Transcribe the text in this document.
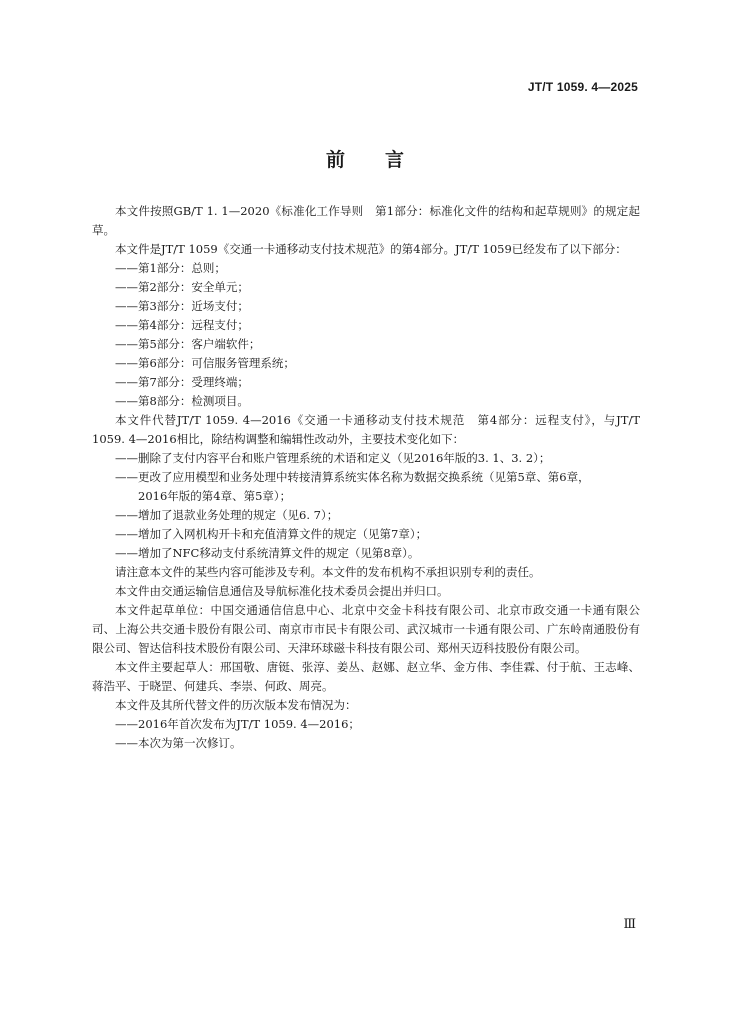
JT/T 1059. 4—2025
前 言

本文件按照GB/T 1. 1—2020《标准化工作导则　第1部分：标准化文件的结构和起草规则》的规定起草。

本文件是JT/T 1059《交通一卡通移动支付技术规范》的第4部分。JT/T 1059已经发布了以下部分：

——第1部分：总则；
——第2部分：安全单元；
——第3部分：近场支付；
——第4部分：远程支付；
——第5部分：客户端软件；
——第6部分：可信服务管理系统；
——第7部分：受理终端；
——第8部分：检测项目。

本文件代替JT/T 1059. 4—2016《交通一卡通移动支付技术规范　第4部分：远程支付》，与JT/T 1059. 4—2016相比，除结构调整和编辑性改动外，主要技术变化如下：

——删除了支付内容平台和账户管理系统的术语和定义（见2016年版的3. 1、3. 2）；
——更改了应用模型和业务处理中转接清算系统实体名称为数据交换系统（见第5章、第6章，
2016年版的第4章、第5章）；
——增加了退款业务处理的规定（见6. 7）；
——增加了入网机构开卡和充值清算文件的规定（见第7章）；
——增加了NFC移动支付系统清算文件的规定（见第8章）。

请注意本文件的某些内容可能涉及专利。本文件的发布机构不承担识别专利的责任。

本文件由交通运输信息通信及导航标准化技术委员会提出并归口。

本文件起草单位：中国交通通信信息中心、北京中交金卡科技有限公司、北京市政交通一卡通有限公司、上海公共交通卡股份有限公司、南京市市民卡有限公司、武汉城市一卡通有限公司、广东岭南通股份有限公司、智达信科技术股份有限公司、天津环球磁卡科技有限公司、郑州天迈科技股份有限公司。

本文件主要起草人：邢国敬、唐铤、张淳、姜丛、赵娜、赵立华、金方伟、李佳霖、付于航、王志峰、蒋浩平、于晓罡、何建兵、李崇、何政、周亮。

本文件及其所代替文件的历次版本发布情况为：

——2016年首次发布为JT/T 1059. 4—2016；
——本次为第一次修订。
Ⅲ
